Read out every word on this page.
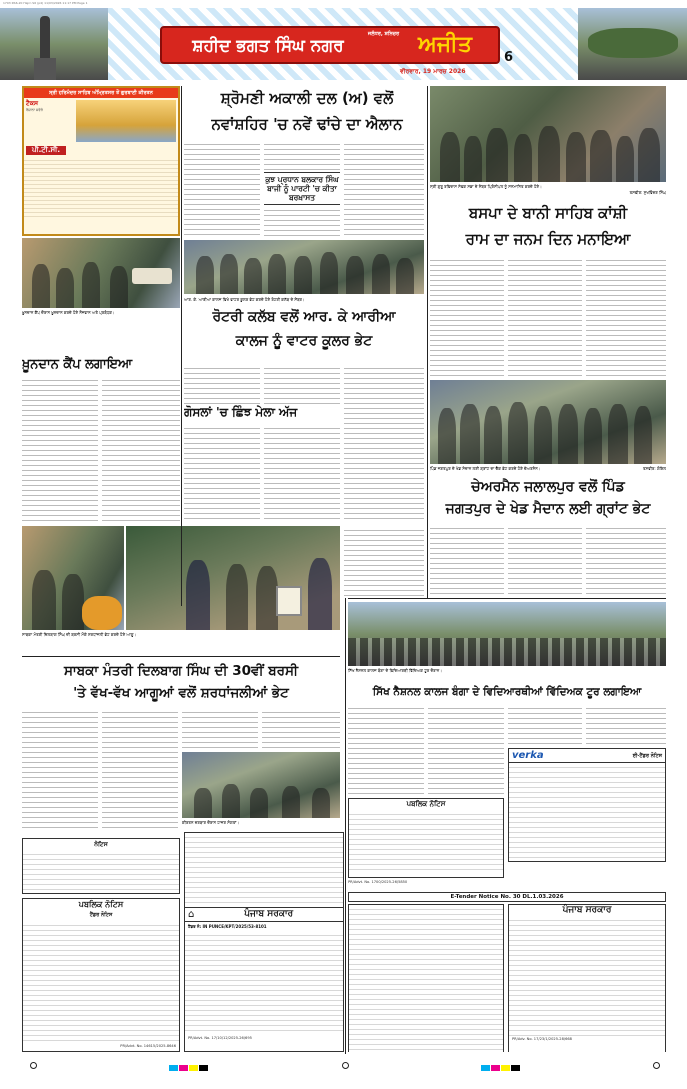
1703 RS6-20 Hajrn S6 (p4) 11/03/2026 11:17 PM Page 1
ਸ਼ਹੀਦ ਭਗਤ ਸਿੰਘ ਨਗਰ
ਜਲੰਧਰ, ਸ਼ਨਿਚਰ ਅਜੀਤ
ਵੀਰਵਾਰ, 19 ਮਾਰਚ 2026
6
ਸ੍ਰੀ ਹਰਿਮੰਦਰ ਸਾਹਿਬ ਅੰਮ੍ਰਿਤਸਰ ਤੋਂ ਗੁਰਬਾਣੀ ਕੀਰਤਨ
ਟੈਕਸ
ਰੋਜ਼ਾਨਾ ਸਵੇਰੇ
ਪੀ.ਟੀ.ਸੀ.
ਸ਼੍ਰੋਮਣੀ ਅਕਾਲੀ ਦਲ (ਅ) ਵਲੋਂ
ਨਵਾਂਸ਼ਹਿਰ 'ਚ ਨਵੇਂ ਢਾਂਚੇ ਦਾ ਐਲਾਨ
ਕੁਝ ਪ੍ਰਧਾਨ ਬਲਕਾਰ ਸਿੰਘ ਬਾਜੀ ਨੂੰ ਪਾਰਟੀ 'ਚ ਕੀਤਾ ਬਰਖ਼ਾਸਤ
ਸ੍ਰੀ ਗੁਰੂ ਰਵਿਦਾਸ ਸੇਵਕ ਸਭਾ ਦੇ ਮੈਂਬਰ ਪ੍ਰਿੰਸੀਪਲ ਨੂੰ ਸਨਮਾਨਿਤ ਕਰਦੇ ਹੋਏ।
ਤਸਵੀਰ: ਸੁਖਵਿੰਦਰ ਸਿੰਘ
ਬਸਪਾ ਦੇ ਬਾਨੀ ਸਾਹਿਬ ਕਾਂਸ਼ੀ
ਰਾਮ ਦਾ ਜਨਮ ਦਿਨ ਮਨਾਇਆ
ਆਰ. ਕੇ. ਆਰੀਆ ਕਾਲਜ ਵਿਖੇ ਵਾਟਰ ਕੂਲਰ ਭੇਟ ਕਰਦੇ ਹੋਏ ਰੋਟਰੀ ਕਲੱਬ ਦੇ ਮੈਂਬਰ।
ਖ਼ੂਨਦਾਨ ਕੈਂਪ ਦੌਰਾਨ ਖ਼ੂਨਦਾਨ ਕਰਦੇ ਹੋਏ ਨੌਜਵਾਨ ਅਤੇ ਪ੍ਰਬੰਧਕ।	ਰੋਟਰੀ ਕਲੱਬ ਵਲੋਂ ਆਰ. ਕੇ ਆਰੀਆ
ਕਾਲਜ ਨੂੰ ਵਾਟਰ ਕੂਲਰ ਭੇਟ
ਖ਼ੂਨਦਾਨ ਕੈਂਪ ਲਗਾਇਆ
ਗੋਸਲਾਂ 'ਚ ਛਿੰਝ ਮੇਲਾ ਅੱਜ
ਪਿੰਡ ਜਗਤਪੁਰ ਦੇ ਖੇਡ ਮੈਦਾਨ ਲਈ ਗ੍ਰਾਂਟ ਦਾ ਚੈੱਕ ਭੇਟ ਕਰਦੇ ਹੋਏ ਚੇਅਰਮੈਨ।	ਤਸਵੀਰ: ਗੋਇਲ
ਚੇਅਰਮੈਨ ਜਲਾਲਪੁਰ ਵਲੋਂ ਪਿੰਡ
ਜਗਤਪੁਰ ਦੇ ਖੇਡ ਮੈਦਾਨ ਲਈ ਗ੍ਰਾਂਟ ਭੇਟ
ਸਾਬਕਾ ਮੰਤਰੀ ਦਿਲਬਾਗ ਸਿੰਘ ਦੀ ਬਰਸੀ ਮੌਕੇ ਸ਼ਰਧਾਂਜਲੀ ਭੇਟ ਕਰਦੇ ਹੋਏ ਆਗੂ।
ਸਾਬਕਾ ਮੰਤਰੀ ਦਿਲਬਾਗ ਸਿੰਘ ਦੀ 30ਵੀਂ ਬਰਸੀ
'ਤੇ ਵੱਖ-ਵੱਖ ਆਗੂਆਂ ਵਲੋਂ ਸ਼ਰਧਾਂਜਲੀਆਂ ਭੇਟ
ਕੀਰਤਨ ਦਰਬਾਰ ਦੌਰਾਨ ਹਾਜ਼ਰ ਸੰਗਤਾਂ।
ਸਿੱਖ ਨੈਸ਼ਨਲ ਕਾਲਜ ਬੰਗਾ ਦੇ ਵਿਦਿਆਰਥੀ ਵਿੱਦਿਅਕ ਟੂਰ ਦੌਰਾਨ।
ਸਿੱਖ ਨੈਸ਼ਨਲ ਕਾਲਜ ਬੰਗਾ ਦੇ ਵਿਦਿਆਰਥੀਆਂ ਵਿੱਦਿਅਕ ਟੂਰ ਲਗਾਇਆ
verka	ਈ-ਟੈਂਡਰ ਨੋਟਿਸ
ਪਬਲਿਕ ਨੋਟਿਸ
PR/Advt. No. 1700/2025-26/5850
ਨੋਟਿਸ
⌂	ਪੰਜਾਬ ਸਰਕਾਰ
ਟੈਂਡਰ ਨੰ: IN PUNCE/KPT/2025/53-8101
PR/Advt. No. 17/10/12/2025-26/695
E-Tender Notice No. 30 DL.1.03.2026
ਪੰਜਾਬ ਸਰਕਾਰ
PR/Adv. No. 17/23/1/2025-28/668
ਪਬਲਿਕ ਨੋਟਿਸ
ਟੈਂਡਰ ਨੋਟਿਸ
PR/Advt. No. 14615/2025-8646
